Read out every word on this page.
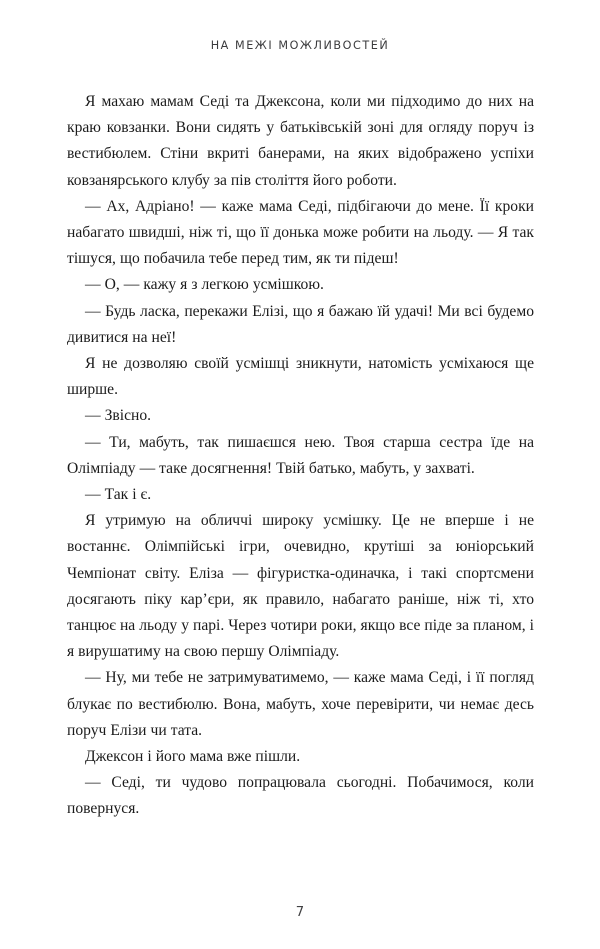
НА МЕЖІ МОЖЛИВОСТЕЙ

Я махаю мамам Седі та Джексона, коли ми підходимо до них на краю ковзанки. Вони сидять у батьківській зоні для огляду поруч із вестибюлем. Стіни вкриті банерами, на яких відображено успіхи ковзанярського клубу за пів століття його роботи.

— Ах, Адріано! — каже мама Седі, підбігаючи до мене. Її кроки набагато швидші, ніж ті, що її донька може робити на льоду. — Я так тішуся, що побачила тебе перед тим, як ти підеш!

— О, — кажу я з легкою усмішкою.

— Будь ласка, перекажи Елізі, що я бажаю їй удачі! Ми всі будемо дивитися на неї!

Я не дозволяю своїй усмішці зникнути, натомість усміхаюся ще ширше.

— Звісно.

— Ти, мабуть, так пишаєшся нею. Твоя старша сестра їде на Олімпіаду — таке досягнення! Твій батько, мабуть, у захваті.

— Так і є.

Я утримую на обличчі широку усмішку. Це не вперше і не востаннє. Олімпійські ігри, очевидно, крутіші за юніорський Чемпіонат світу. Еліза — фігуристка-одиначка, і такі спортсмени досягають піку кар’єри, як правило, набагато раніше, ніж ті, хто танцює на льоду у парі. Через чотири роки, якщо все піде за планом, і я вирушатиму на свою першу Олімпіаду.

— Ну, ми тебе не затримуватимемо, — каже мама Седі, і її погляд блукає по вестибюлю. Вона, мабуть, хоче перевірити, чи немає десь поруч Елізи чи тата.

Джексон і його мама вже пішли.

— Седі, ти чудово попрацювала сьогодні. Побачимося, коли повернуся.

7
